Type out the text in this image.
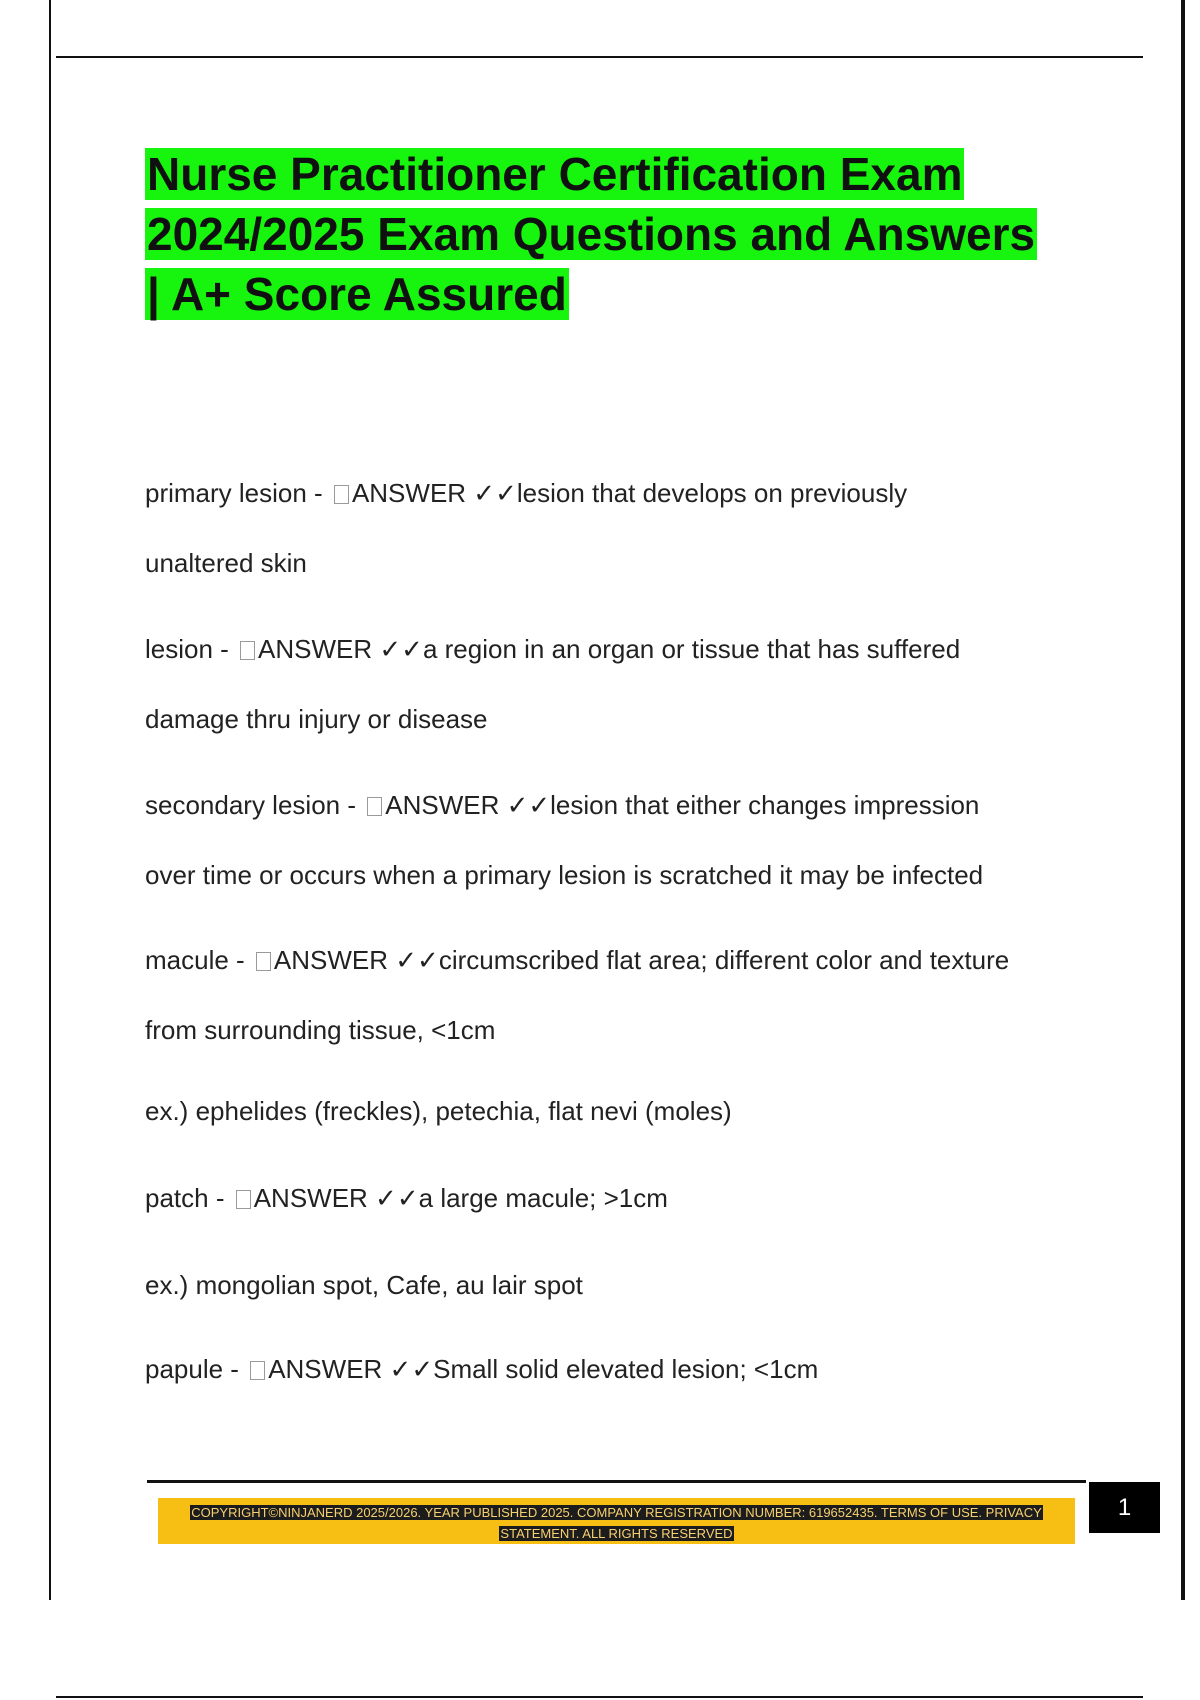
Nurse Practitioner Certification Exam
2024/2025 Exam Questions and Answers
| A+ Score Assured
primary lesion - ANSWER ✓✓lesion that develops on previously
unaltered skin
lesion - ANSWER ✓✓a region in an organ or tissue that has suffered
damage thru injury or disease
secondary lesion - ANSWER ✓✓lesion that either changes impression
over time or occurs when a primary lesion is scratched it may be infected
macule - ANSWER ✓✓circumscribed flat area; different color and texture
from surrounding tissue, <1cm
ex.) ephelides (freckles), petechia, flat nevi (moles)
patch - ANSWER ✓✓a large macule; >1cm
ex.) mongolian spot, Cafe, au lair spot
papule - ANSWER ✓✓Small solid elevated lesion; <1cm
COPYRIGHT©NINJANERD 2025/2026. YEAR PUBLISHED 2025. COMPANY REGISTRATION NUMBER: 619652435. TERMS OF USE. PRIVACY
STATEMENT. ALL RIGHTS RESERVED
1
